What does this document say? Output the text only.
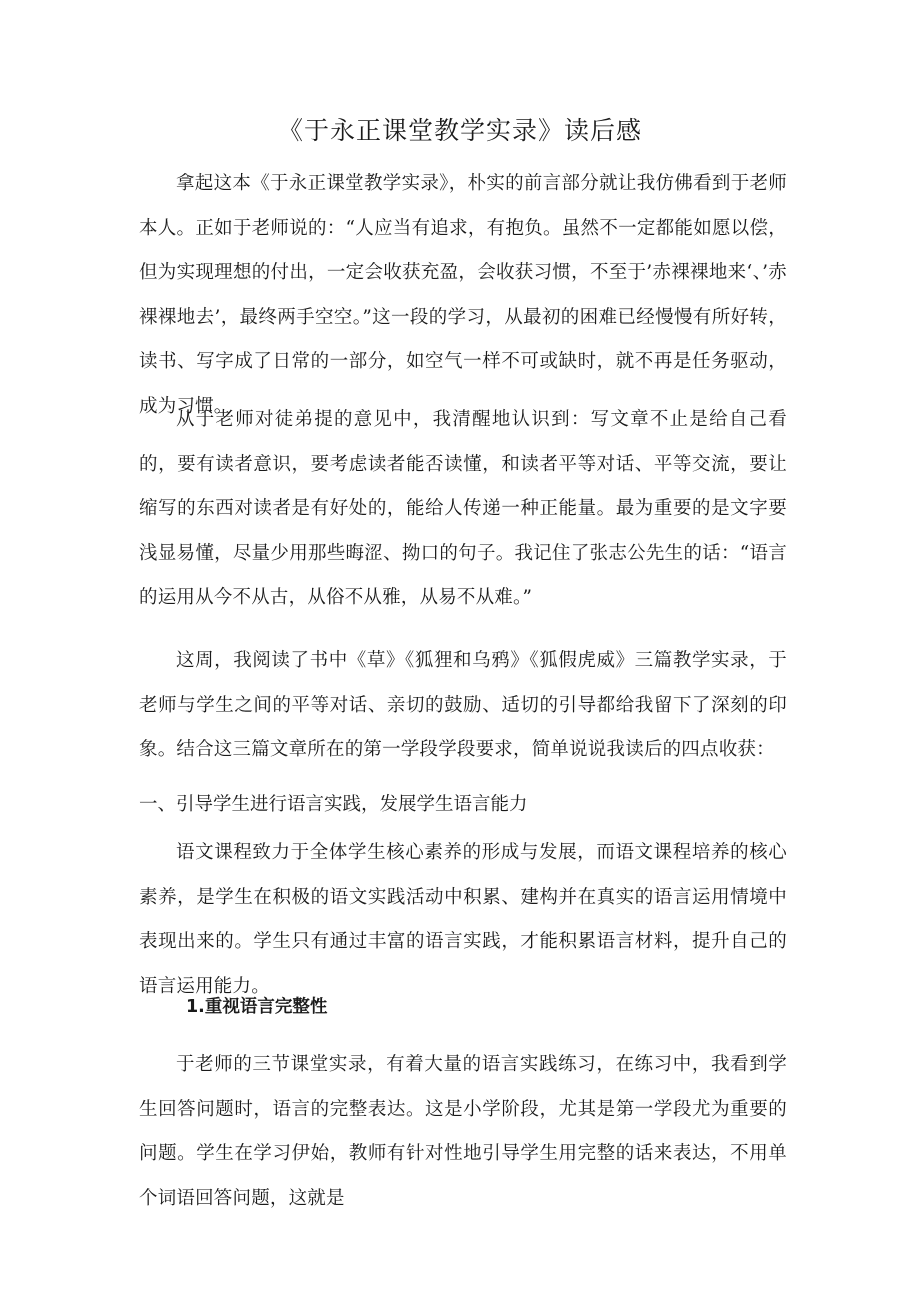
《于永正课堂教学实录》读后感

拿起这本《于永正课堂教学实录》，朴实的前言部分就让我仿佛看到于老师本人。正如于老师说的：“人应当有追求，有抱负。虽然不一定都能如愿以偿，但为实现理想的付出，一定会收获充盈，会收获习惯，不至于’赤裸裸地来‘、’赤裸裸地去’，最终两手空空。”这一段的学习，从最初的困难已经慢慢有所好转，读书、写字成了日常的一部分，如空气一样不可或缺时，就不再是任务驱动，成为习惯。

从于老师对徒弟提的意见中，我清醒地认识到：写文章不止是给自己看的，要有读者意识，要考虑读者能否读懂，和读者平等对话、平等交流，要让缩写的东西对读者是有好处的，能给人传递一种正能量。最为重要的是文字要浅显易懂，尽量少用那些晦涩、拗口的句子。我记住了张志公先生的话：“语言的运用从今不从古，从俗不从雅，从易不从难。”

这周，我阅读了书中《草》《狐狸和乌鸦》《狐假虎威》三篇教学实录，于老师与学生之间的平等对话、亲切的鼓励、适切的引导都给我留下了深刻的印象。结合这三篇文章所在的第一学段学段要求，简单说说我读后的四点收获：

一、引导学生进行语言实践，发展学生语言能力

语文课程致力于全体学生核心素养的形成与发展，而语文课程培养的核心素养，是学生在积极的语文实践活动中积累、建构并在真实的语言运用情境中表现出来的。学生只有通过丰富的语言实践，才能积累语言材料，提升自己的语言运用能力。

1.重视语言完整性

于老师的三节课堂实录，有着大量的语言实践练习，在练习中，我看到学生回答问题时，语言的完整表达。这是小学阶段，尤其是第一学段尤为重要的问题。学生在学习伊始，教师有针对性地引导学生用完整的话来表达，不用单个词语回答问题，这就是
